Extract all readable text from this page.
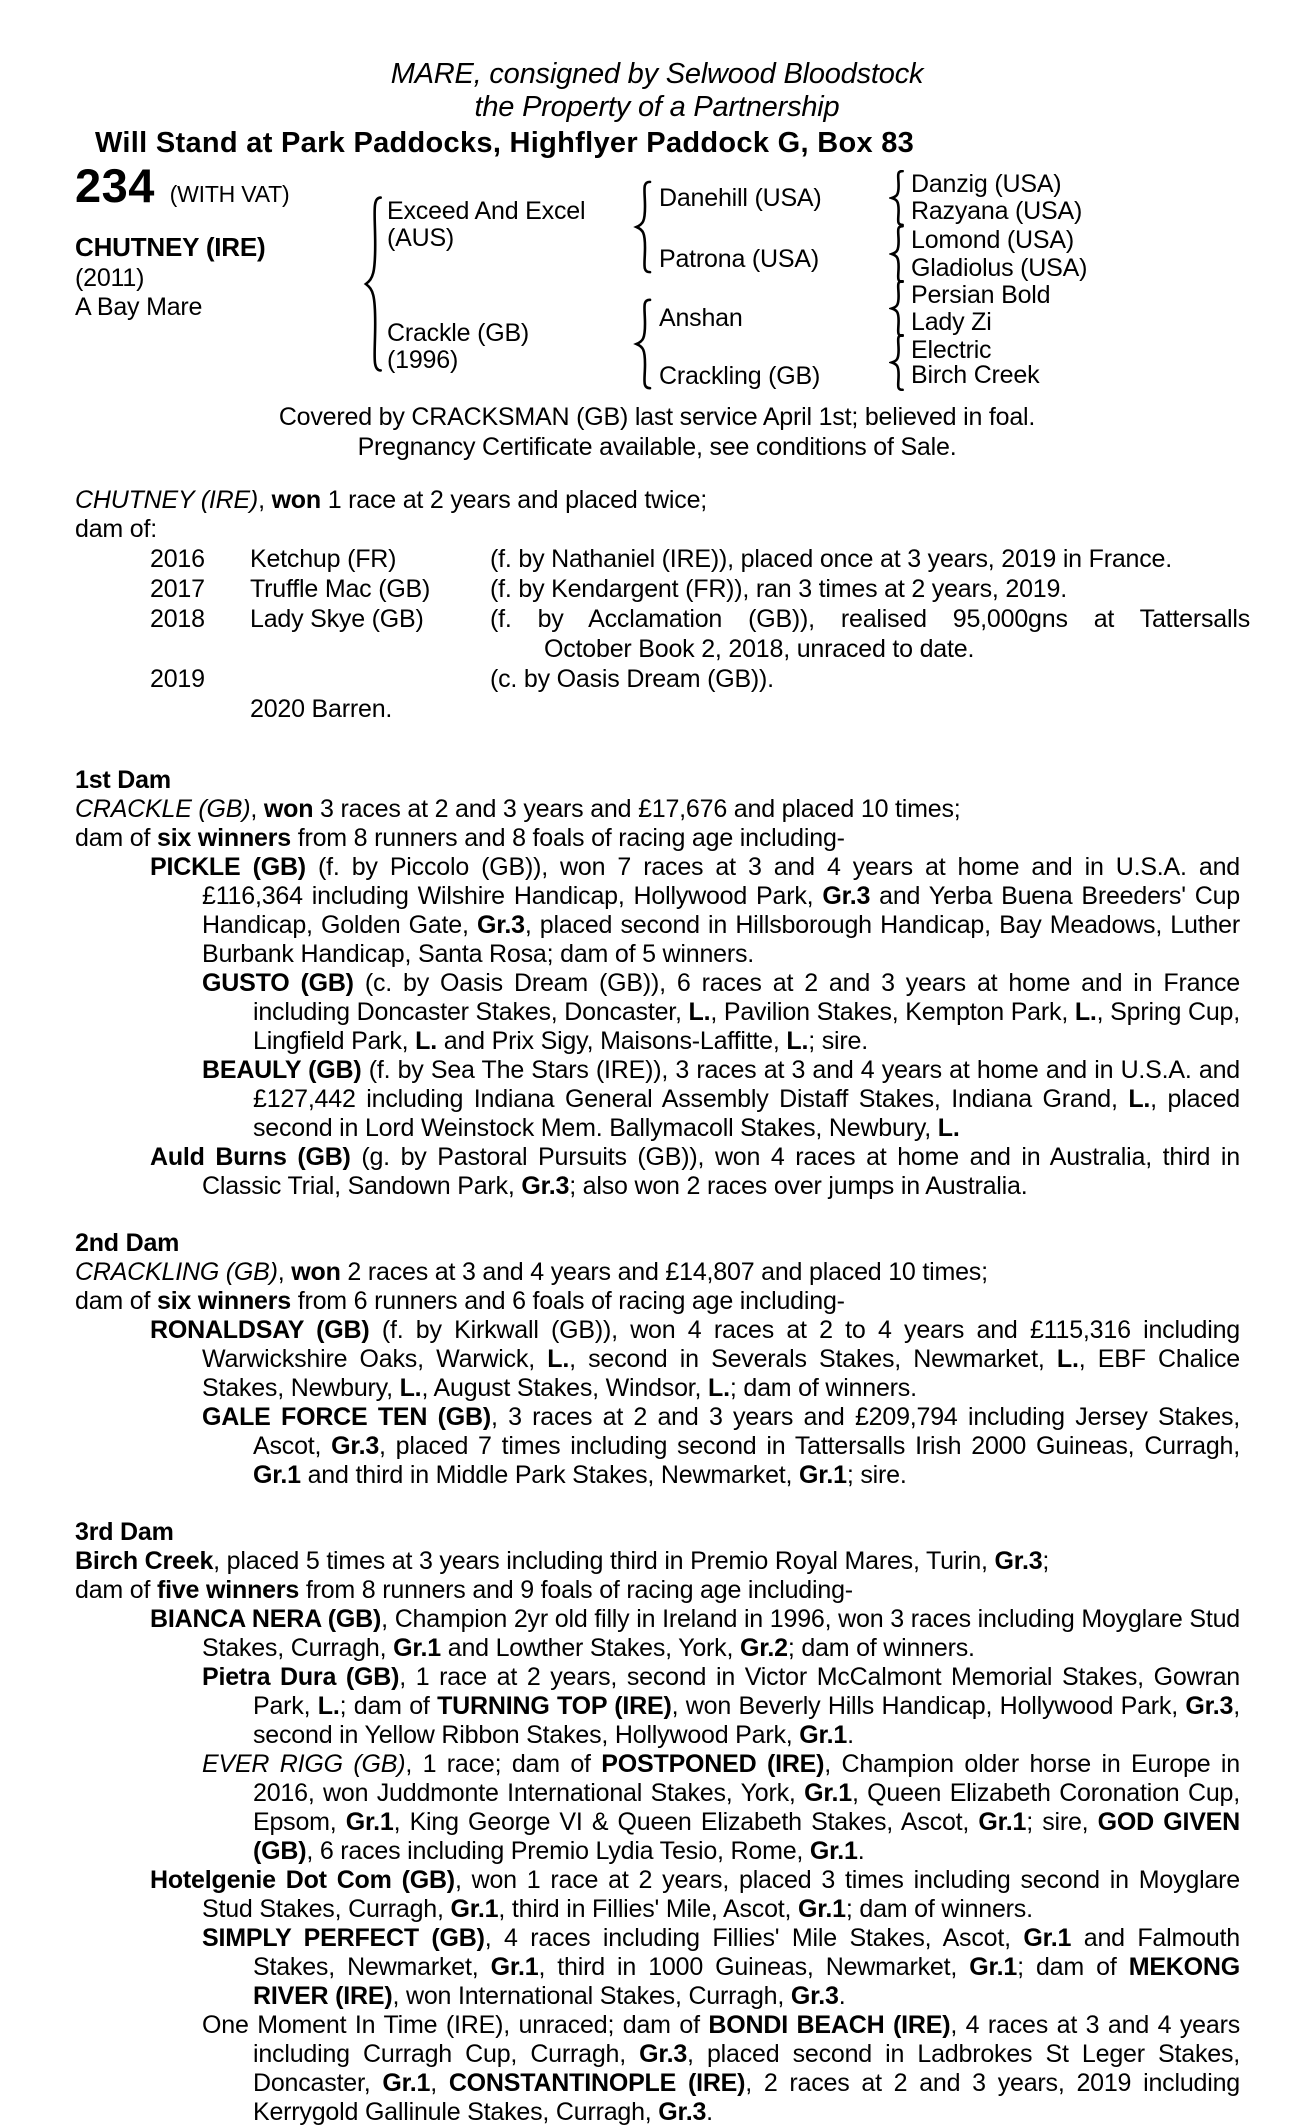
MARE, consigned by Selwood Bloodstock
the Property of a Partnership
Will Stand at Park Paddocks, Highflyer Paddock G, Box 83
234 (WITH VAT)
CHUTNEY (IRE)
(2011)
A Bay Mare
Exceed And Excel
(AUS)
Crackle (GB)
(1996)
Danehill (USA)
Patrona (USA)
Anshan
Crackling (GB)
Danzig (USA)
Razyana (USA)
Lomond (USA)
Gladiolus (USA)
Persian Bold
Lady Zi
Electric
Birch Creek
Covered by CRACKSMAN (GB) last service April 1st; believed in foal.
Pregnancy Certificate available, see conditions of Sale.
CHUTNEY (IRE), won 1 race at 2 years and placed twice;
dam of:
2016	Ketchup (FR)	(f. by Nathaniel (IRE)), placed once at 3 years, 2019 in France.
2017	Truffle Mac (GB)	(f. by Kendargent (FR)), ran 3 times at 2 years, 2019.
2018	Lady Skye (GB)	(f. by Acclamation (GB)), realised 95,000gns at Tattersalls
October Book 2, 2018, unraced to date.
2019	(c. by Oasis Dream (GB)).
2020 Barren.
1st Dam
CRACKLE (GB), won 3 races at 2 and 3 years and £17,676 and placed 10 times;
dam of six winners from 8 runners and 8 foals of racing age including-
PICKLE (GB) (f. by Piccolo (GB)), won 7 races at 3 and 4 years at home and in U.S.A. and £116,364 including Wilshire Handicap, Hollywood Park, Gr.3 and Yerba Buena Breeders' Cup Handicap, Golden Gate, Gr.3, placed second in Hillsborough Handicap, Bay Meadows, Luther Burbank Handicap, Santa Rosa; dam of 5 winners.
GUSTO (GB) (c. by Oasis Dream (GB)), 6 races at 2 and 3 years at home and in France including Doncaster Stakes, Doncaster, L., Pavilion Stakes, Kempton Park, L., Spring Cup, Lingfield Park, L. and Prix Sigy, Maisons-Laffitte, L.; sire.
BEAULY (GB) (f. by Sea The Stars (IRE)), 3 races at 3 and 4 years at home and in U.S.A. and £127,442 including Indiana General Assembly Distaff Stakes, Indiana Grand, L., placed second in Lord Weinstock Mem. Ballymacoll Stakes, Newbury, L.
Auld Burns (GB) (g. by Pastoral Pursuits (GB)), won 4 races at home and in Australia, third in Classic Trial, Sandown Park, Gr.3; also won 2 races over jumps in Australia.
2nd Dam
CRACKLING (GB), won 2 races at 3 and 4 years and £14,807 and placed 10 times;
dam of six winners from 6 runners and 6 foals of racing age including-
RONALDSAY (GB) (f. by Kirkwall (GB)), won 4 races at 2 to 4 years and £115,316 including Warwickshire Oaks, Warwick, L., second in Severals Stakes, Newmarket, L., EBF Chalice Stakes, Newbury, L., August Stakes, Windsor, L.; dam of winners.
GALE FORCE TEN (GB), 3 races at 2 and 3 years and £209,794 including Jersey Stakes, Ascot, Gr.3, placed 7 times including second in Tattersalls Irish 2000 Guineas, Curragh, Gr.1 and third in Middle Park Stakes, Newmarket, Gr.1; sire.
3rd Dam
Birch Creek, placed 5 times at 3 years including third in Premio Royal Mares, Turin, Gr.3;
dam of five winners from 8 runners and 9 foals of racing age including-
BIANCA NERA (GB), Champion 2yr old filly in Ireland in 1996, won 3 races including Moyglare Stud Stakes, Curragh, Gr.1 and Lowther Stakes, York, Gr.2; dam of winners.
Pietra Dura (GB), 1 race at 2 years, second in Victor McCalmont Memorial Stakes, Gowran Park, L.; dam of TURNING TOP (IRE), won Beverly Hills Handicap, Hollywood Park, Gr.3, second in Yellow Ribbon Stakes, Hollywood Park, Gr.1.
EVER RIGG (GB), 1 race; dam of POSTPONED (IRE), Champion older horse in Europe in 2016, won Juddmonte International Stakes, York, Gr.1, Queen Elizabeth Coronation Cup, Epsom, Gr.1, King George VI & Queen Elizabeth Stakes, Ascot, Gr.1; sire, GOD GIVEN (GB), 6 races including Premio Lydia Tesio, Rome, Gr.1.
Hotelgenie Dot Com (GB), won 1 race at 2 years, placed 3 times including second in Moyglare Stud Stakes, Curragh, Gr.1, third in Fillies' Mile, Ascot, Gr.1; dam of winners.
SIMPLY PERFECT (GB), 4 races including Fillies' Mile Stakes, Ascot, Gr.1 and Falmouth Stakes, Newmarket, Gr.1, third in 1000 Guineas, Newmarket, Gr.1; dam of MEKONG RIVER (IRE), won International Stakes, Curragh, Gr.3.
One Moment In Time (IRE), unraced; dam of BONDI BEACH (IRE), 4 races at 3 and 4 years including Curragh Cup, Curragh, Gr.3, placed second in Ladbrokes St Leger Stakes, Doncaster, Gr.1, CONSTANTINOPLE (IRE), 2 races at 2 and 3 years, 2019 including Kerrygold Gallinule Stakes, Curragh, Gr.3.
